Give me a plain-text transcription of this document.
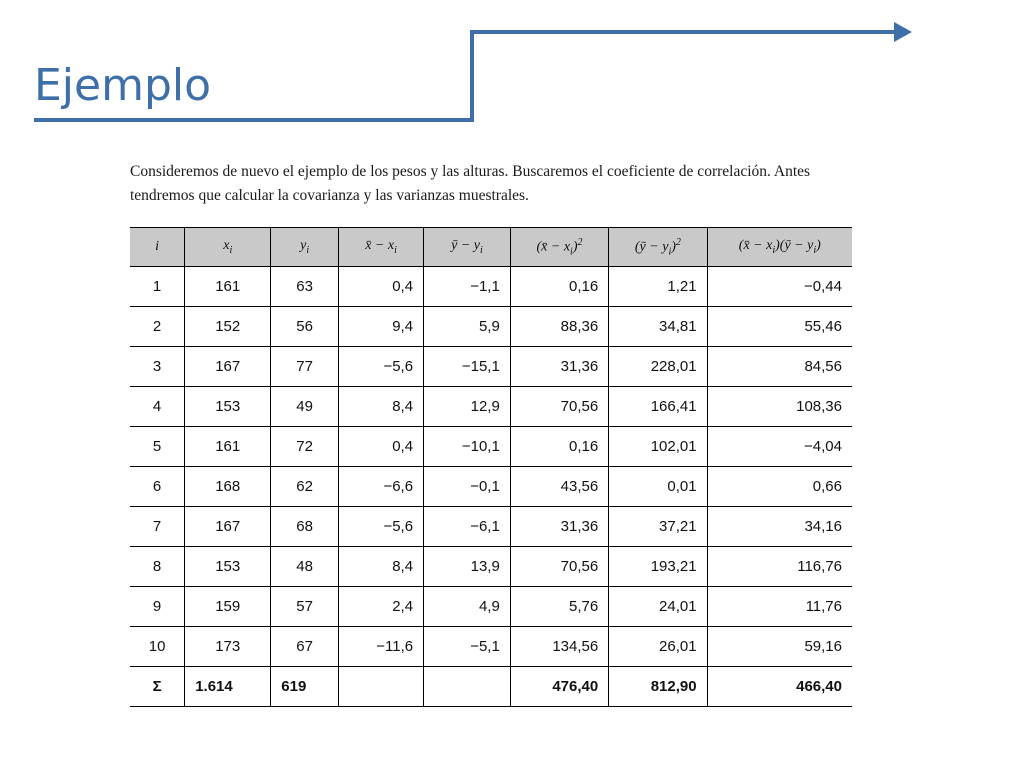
Ejemplo

Consideremos de nuevo el ejemplo de los pesos y las alturas. Buscaremos el coeficiente de correlación. Antes tendremos que calcular la covarianza y las varianzas muestrales.

i	$x_i$	$y_i$	x̄ − $x_i$	ȳ − $y_i$	(x̄ − $x_i)^2$	(ȳ − $y_i)^2$	(x̄ − $x_i)(ȳ - y_i)$
1	161	63	0,4	−1,1	0,16	1,21	−0,44
2	152	56	9,4	5,9	88,36	34,81	55,46
3	167	77	−5,6	−15,1	31,36	228,01	84,56
4	153	49	8,4	12,9	70,56	166,41	108,36
5	161	72	0,4	−10,1	0,16	102,01	−4,04
6	168	62	−6,6	−0,1	43,56	0,01	0,66
7	167	68	−5,6	−6,1	31,36	37,21	34,16
8	153	48	8,4	13,9	70,56	193,21	116,76
9	159	57	2,4	4,9	5,76	24,01	11,76
10	173	67	−11,6	−5,1	134,56	26,01	59,16
Σ	1.614	619			476,40	812,90	466,40
